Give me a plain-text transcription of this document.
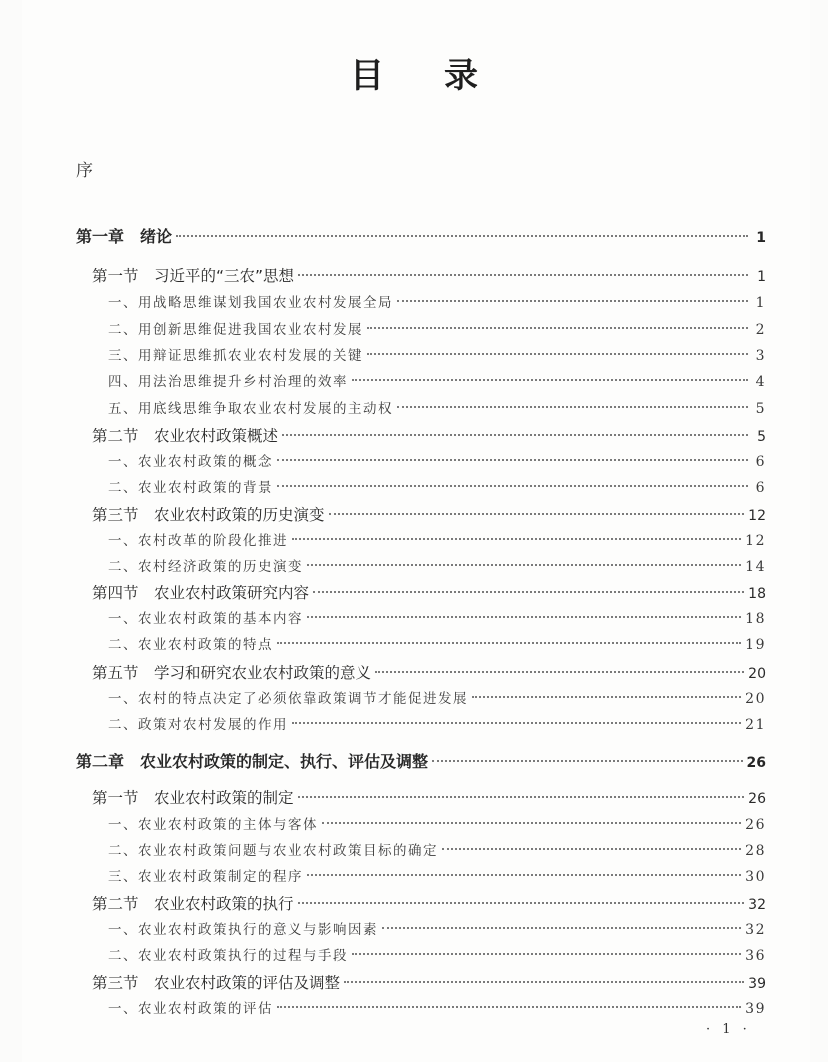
目录
序
第一章　绪论	1
第一节　习近平的“三农”思想	1
一、用战略思维谋划我国农业农村发展全局	1
二、用创新思维促进我国农业农村发展	2
三、用辩证思维抓农业农村发展的关键	3
四、用法治思维提升乡村治理的效率	4
五、用底线思维争取农业农村发展的主动权	5
第二节　农业农村政策概述	5
一、农业农村政策的概念	6
二、农业农村政策的背景	6
第三节　农业农村政策的历史演变	12
一、农村改革的阶段化推进	12
二、农村经济政策的历史演变	14
第四节　农业农村政策研究内容	18
一、农业农村政策的基本内容	18
二、农业农村政策的特点	19
第五节　学习和研究农业农村政策的意义	20
一、农村的特点决定了必须依靠政策调节才能促进发展	20
二、政策对农村发展的作用	21
第二章　农业农村政策的制定、执行、评估及调整	26
第一节　农业农村政策的制定	26
一、农业农村政策的主体与客体	26
二、农业农村政策问题与农业农村政策目标的确定	28
三、农业农村政策制定的程序	30
第二节　农业农村政策的执行	32
一、农业农村政策执行的意义与影响因素	32
二、农业农村政策执行的过程与手段	36
第三节　农业农村政策的评估及调整	39
一、农业农村政策的评估	39
· 1 ·
